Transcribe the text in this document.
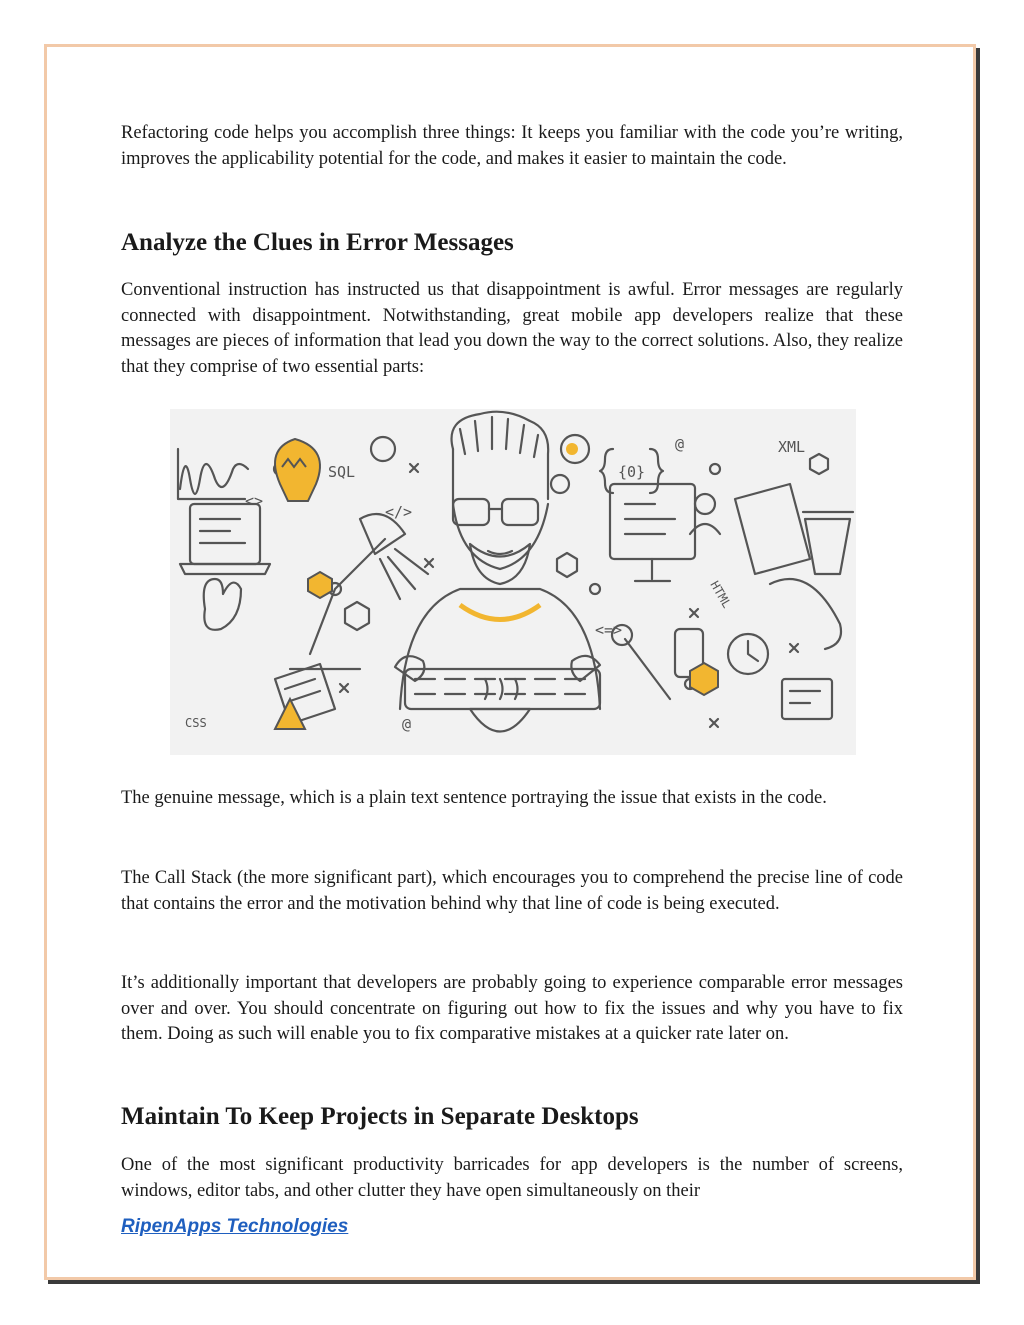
Refactoring code helps you accomplish three things: It keeps you familiar with the code you’re writing, improves the applicability potential for the code, and makes it easier to maintain the code.

Analyze the Clues in Error Messages

Conventional instruction has instructed us that disappointment is awful. Error messages are regularly connected with disappointment. Notwithstanding, great mobile app developers realize that these messages are pieces of information that lead you down the way to the correct solutions. Also, they realize that they comprise of two essential parts:

SQL
XML
CSS
HTML
<>
</>
<=>
{0}
@
@

The genuine message, which is a plain text sentence portraying the issue that exists in the code.

The Call Stack (the more significant part), which encourages you to comprehend the precise line of code that contains the error and the motivation behind why that line of code is being executed.

It’s additionally important that developers are probably going to experience comparable error messages over and over. You should concentrate on figuring out how to fix the issues and why you have to fix them. Doing as such will enable you to fix comparative mistakes at a quicker rate later on.

Maintain To Keep Projects in Separate Desktops

One of the most significant productivity barricades for app developers is the number of screens, windows, editor tabs, and other clutter they have open simultaneously on their

RipenApps Technologies
